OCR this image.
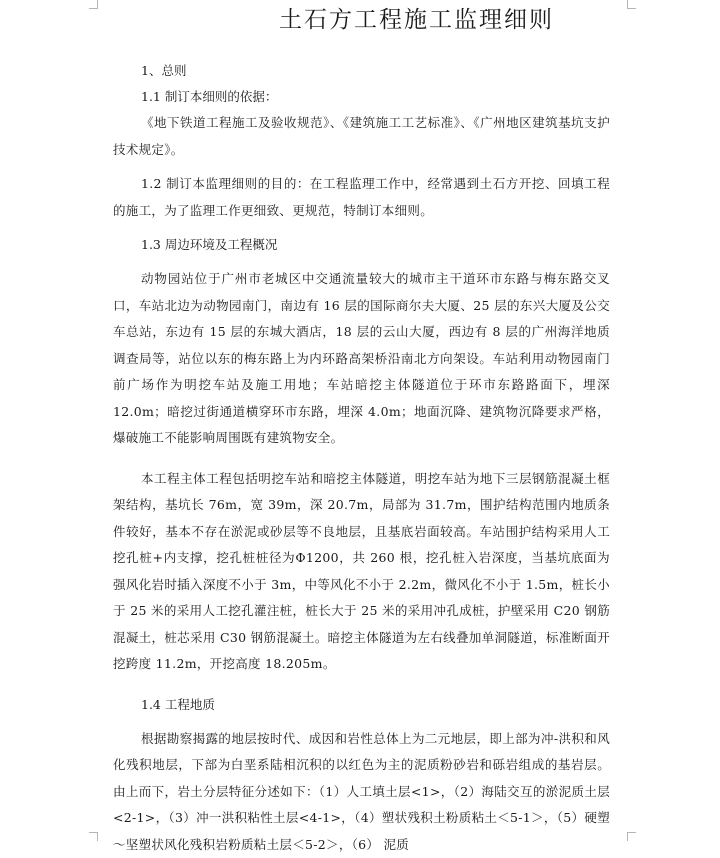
土石方工程施工监理细则

1、总则

1.1 制订本细则的依据：

《地下铁道工程施工及验收规范》、《建筑施工工艺标准》、《广州地区建筑基坑支护技术规定》。

1.2 制订本监理细则的目的：在工程监理工作中，经常遇到土石方开挖、回填工程的施工，为了监理工作更细致、更规范，特制订本细则。

1.3 周边环境及工程概况

动物园站位于广州市老城区中交通流量较大的城市主干道环市东路与梅东路交叉口，车站北边为动物园南门，南边有 16 层的国际商尔夫大厦、25 层的东兴大厦及公交车总站，东边有 15 层的东城大酒店，18 层的云山大厦，西边有 8 层的广州海洋地质调查局等，站位以东的梅东路上为内环路高架桥沿南北方向架设。车站利用动物园南门前广场作为明挖车站及施工用地；车站暗挖主体隧道位于环市东路路面下，埋深 12.0m；暗挖过街通道横穿环市东路，埋深 4.0m；地面沉降、建筑物沉降要求严格，爆破施工不能影响周围既有建筑物安全。

本工程主体工程包括明挖车站和暗挖主体隧道，明挖车站为地下三层钢筋混凝土框架结构，基坑长 76m，宽 39m，深 20.7m，局部为 31.7m，围护结构范围内地质条件较好，基本不存在淤泥或砂层等不良地层，且基底岩面较高。车站围护结构采用人工挖孔桩+内支撑，挖孔桩桩径为Φ1200，共 260 根，挖孔桩入岩深度，当基坑底面为强风化岩时插入深度不小于 3m，中等风化不小于 2.2m，微风化不小于 1.5m，桩长小于 25 米的采用人工挖孔灌注桩，桩长大于 25 米的采用冲孔成桩，护壁采用 C20 钢筋混凝土，桩芯采用 C30 钢筋混凝土。暗挖主体隧道为左右线叠加单洞隧道，标准断面开挖跨度 11.2m，开挖高度 18.205m。

1.4 工程地质

根据勘察揭露的地层按时代、成因和岩性总体上为二元地层，即上部为冲-洪积和风化残积地层，下部为白垩系陆相沉积的以红色为主的泥质粉砂岩和砾岩组成的基岩层。由上而下，岩土分层特征分述如下：（1）人工填土层<1>，（2）海陆交互的淤泥质土层<2-1>，（3）冲一洪积粘性土层<4-1>，（4）塑状残积土粉质粘土＜5-1＞，（5）硬塑～坚塑状风化残积岩粉质粘土层＜5-2＞，（6） 泥质
